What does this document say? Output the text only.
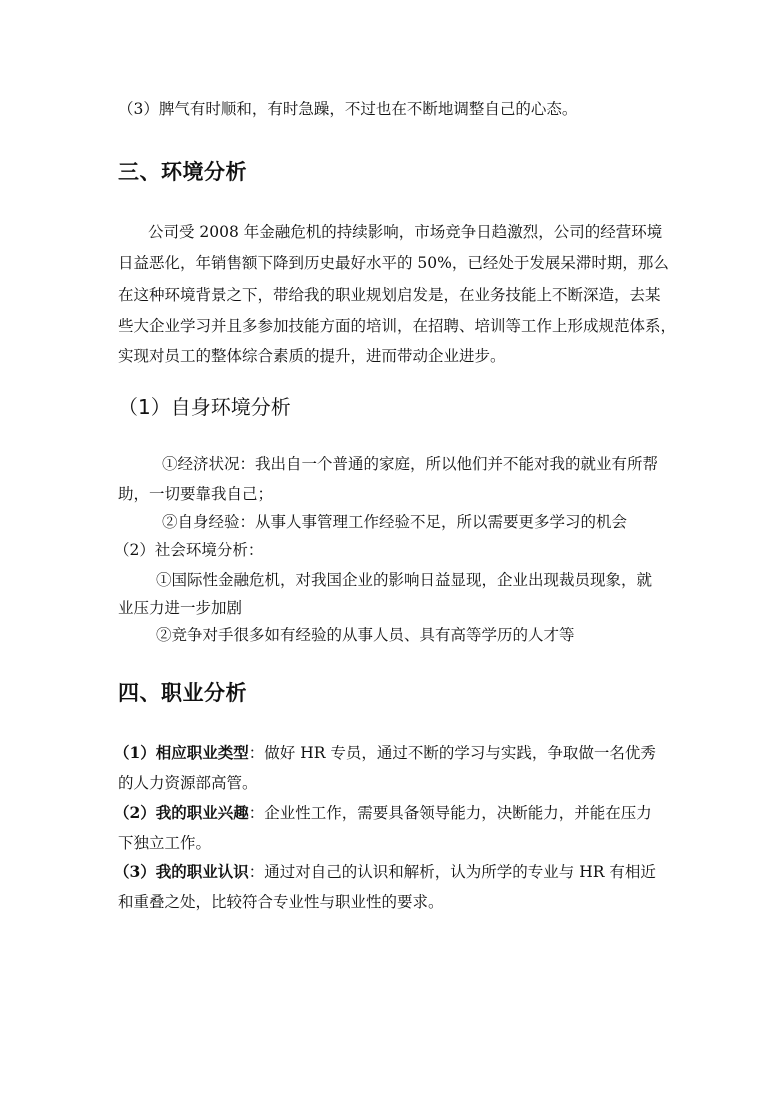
（3）脾气有时顺和，有时急躁，不过也在不断地调整自己的心态。
三、环境分析
公司受 2008 年金融危机的持续影响，市场竞争日趋激烈，公司的经营环境
日益恶化，年销售额下降到历史最好水平的 50%，已经处于发展呆滞时期，那么
在这种环境背景之下，带给我的职业规划启发是，在业务技能上不断深造，去某
些大企业学习并且多参加技能方面的培训，在招聘、培训等工作上形成规范体系，
实现对员工的整体综合素质的提升，进而带动企业进步。
（1）自身环境分析
①经济状况：我出自一个普通的家庭，所以他们并不能对我的就业有所帮
助，一切要靠我自己；
②自身经验：从事人事管理工作经验不足，所以需要更多学习的机会
（2）社会环境分析：
①国际性金融危机，对我国企业的影响日益显现，企业出现裁员现象，就
业压力进一步加剧
②竞争对手很多如有经验的从事人员、具有高等学历的人才等
四、职业分析
（1）相应职业类型：做好 HR 专员，通过不断的学习与实践，争取做一名优秀
的人力资源部高管。
（2）我的职业兴趣：企业性工作，需要具备领导能力，决断能力，并能在压力
下独立工作。
（3）我的职业认识：通过对自己的认识和解析，认为所学的专业与 HR 有相近
和重叠之处，比较符合专业性与职业性的要求。
